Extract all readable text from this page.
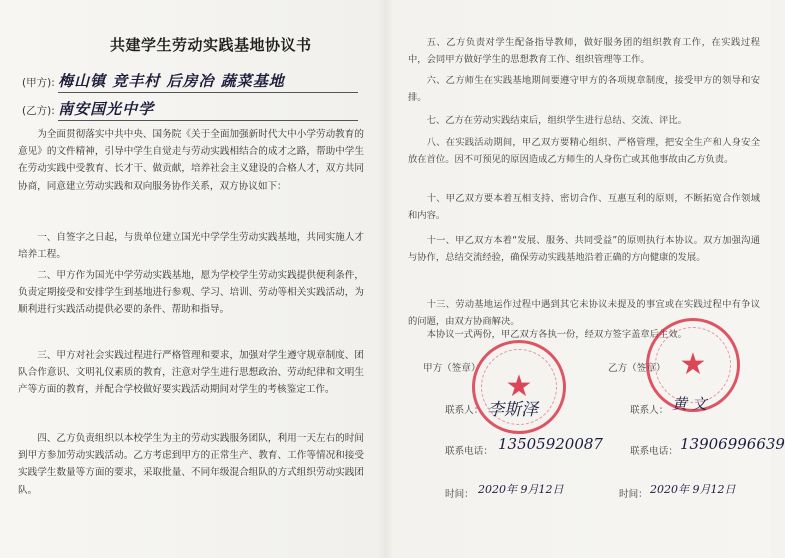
共建学生劳动实践基地协议书
(甲方): 梅山镇 竞丰村 后房冶 蔬菜基地
(乙方): 南安国光中学
为全面贯彻落实中共中央、国务院《关于全面加强新时代大中小学劳动教育的意见》的文件精神，引导中学生自觉走与劳动实践相结合的成才之路，帮助中学生在劳动实践中受教育、长才干、做贡献，培养社会主义建设的合格人才，双方共同协商，同意建立劳动实践和双向服务协作关系，双方协议如下：
一、自签字之日起，与贵单位建立国光中学学生劳动实践基地，共同实施人才培养工程。
二、甲方作为国光中学劳动实践基地，愿为学校学生劳动实践提供便利条件，负责定期接受和安排学生到基地进行参观、学习、培训、劳动等相关实践活动，为顺利进行实践活动提供必要的条件、帮助和指导。
三、甲方对社会实践过程进行严格管理和要求，加强对学生遵守规章制度、团队合作意识、文明礼仪素质的教育，注意对学生进行思想政治、劳动纪律和文明生产等方面的教育，并配合学校做好要实践活动期间对学生的考核鉴定工作。
四、乙方负责组织以本校学生为主的劳动实践服务团队，利用一天左右的时间到甲方参加劳动实践活动。乙方考虑到甲方的正常生产、教育、工作等情况和接受实践学生数量等方面的要求，采取批量、不同年级混合组队的方式组织劳动实践团队。
五、乙方负责对学生配备指导教师，做好服务团的组织教育工作，在实践过程中，会同甲方做好学生的思想教育工作、组织管理等工作。
六、乙方师生在实践基地期间要遵守甲方的各项规章制度，接受甲方的领导和安排。
七、乙方在劳动实践结束后，组织学生进行总结、交流、评比。
八、在实践活动期间，甲乙双方要精心组织、严格管理，把安全生产和人身安全放在首位。因不可预见的原因造成乙方师生的人身伤亡或其他事故由乙方负责。
十、甲乙双方要本着互相支持、密切合作、互惠互利的原则，不断拓宽合作领域和内容。
十一、甲乙双方本着“发展、服务、共同受益”的原则执行本协议。双方加强沟通与协作，总结交流经验，确保劳动实践基地沿着正确的方向健康的发展。
十三、劳动基地运作过程中遇到其它未协议未提及的事宜或在实践过程中有争议的问题，由双方协商解决。
本协议一式两份，甲乙双方各执一份，经双方签字盖章后生效。
甲方（签章）	乙方（签章）
★
★
联系人： 李斯泽	联系人： 黄 文
联系电话： 13505920087	联系电话： 13906996639
时间： 2020年 9月12日	时间： 2020年 9月12日
